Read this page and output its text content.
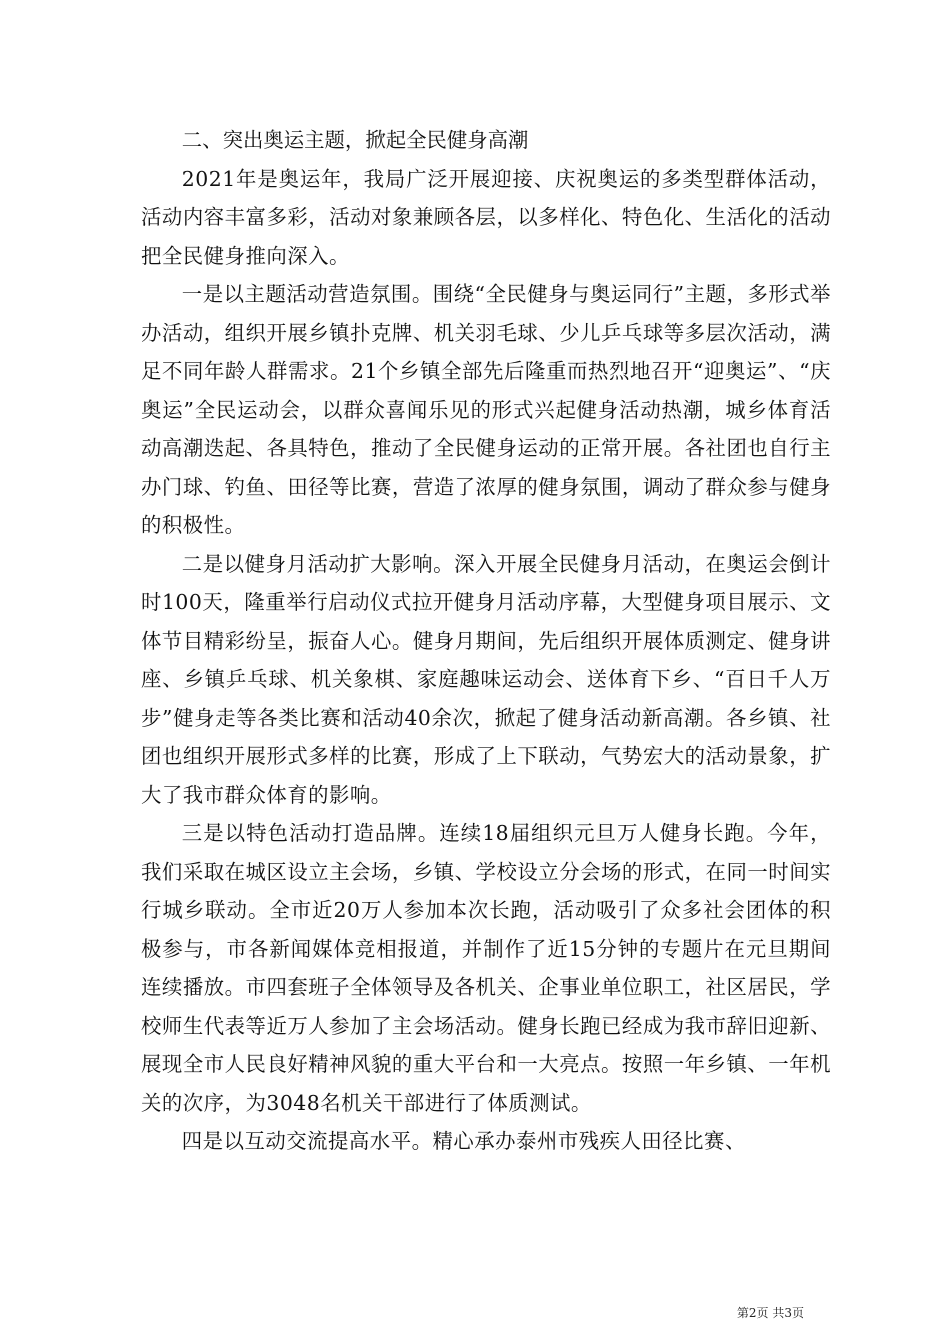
二、突出奥运主题，掀起全民健身高潮

2021年是奥运年，我局广泛开展迎接、庆祝奥运的多类型群体活动，活动内容丰富多彩，活动对象兼顾各层，以多样化、特色化、生活化的活动把全民健身推向深入。

一是以主题活动营造氛围。围绕“全民健身与奥运同行”主题，多形式举办活动，组织开展乡镇扑克牌、机关羽毛球、少儿乒乓球等多层次活动，满足不同年龄人群需求。21个乡镇全部先后隆重而热烈地召开“迎奥运”、“庆奥运”全民运动会，以群众喜闻乐见的形式兴起健身活动热潮，城乡体育活动高潮迭起、各具特色，推动了全民健身运动的正常开展。各社团也自行主办门球、钓鱼、田径等比赛，营造了浓厚的健身氛围，调动了群众参与健身的积极性。

二是以健身月活动扩大影响。深入开展全民健身月活动，在奥运会倒计时100天，隆重举行启动仪式拉开健身月活动序幕，大型健身项目展示、文体节目精彩纷呈，振奋人心。健身月期间，先后组织开展体质测定、健身讲座、乡镇乒乓球、机关象棋、家庭趣味运动会、送体育下乡、“百日千人万步”健身走等各类比赛和活动40余次，掀起了健身活动新高潮。各乡镇、社团也组织开展形式多样的比赛，形成了上下联动，气势宏大的活动景象，扩大了我市群众体育的影响。

三是以特色活动打造品牌。连续18届组织元旦万人健身长跑。今年，我们采取在城区设立主会场，乡镇、学校设立分会场的形式，在同一时间实行城乡联动。全市近20万人参加本次长跑，活动吸引了众多社会团体的积极参与，市各新闻媒体竞相报道，并制作了近15分钟的专题片在元旦期间连续播放。市四套班子全体领导及各机关、企事业单位职工，社区居民，学校师生代表等近万人参加了主会场活动。健身长跑已经成为我市辞旧迎新、展现全市人民良好精神风貌的重大平台和一大亮点。按照一年乡镇、一年机关的次序，为3048名机关干部进行了体质测试。

四是以互动交流提高水平。精心承办泰州市残疾人田径比赛、

第2页 共3页
